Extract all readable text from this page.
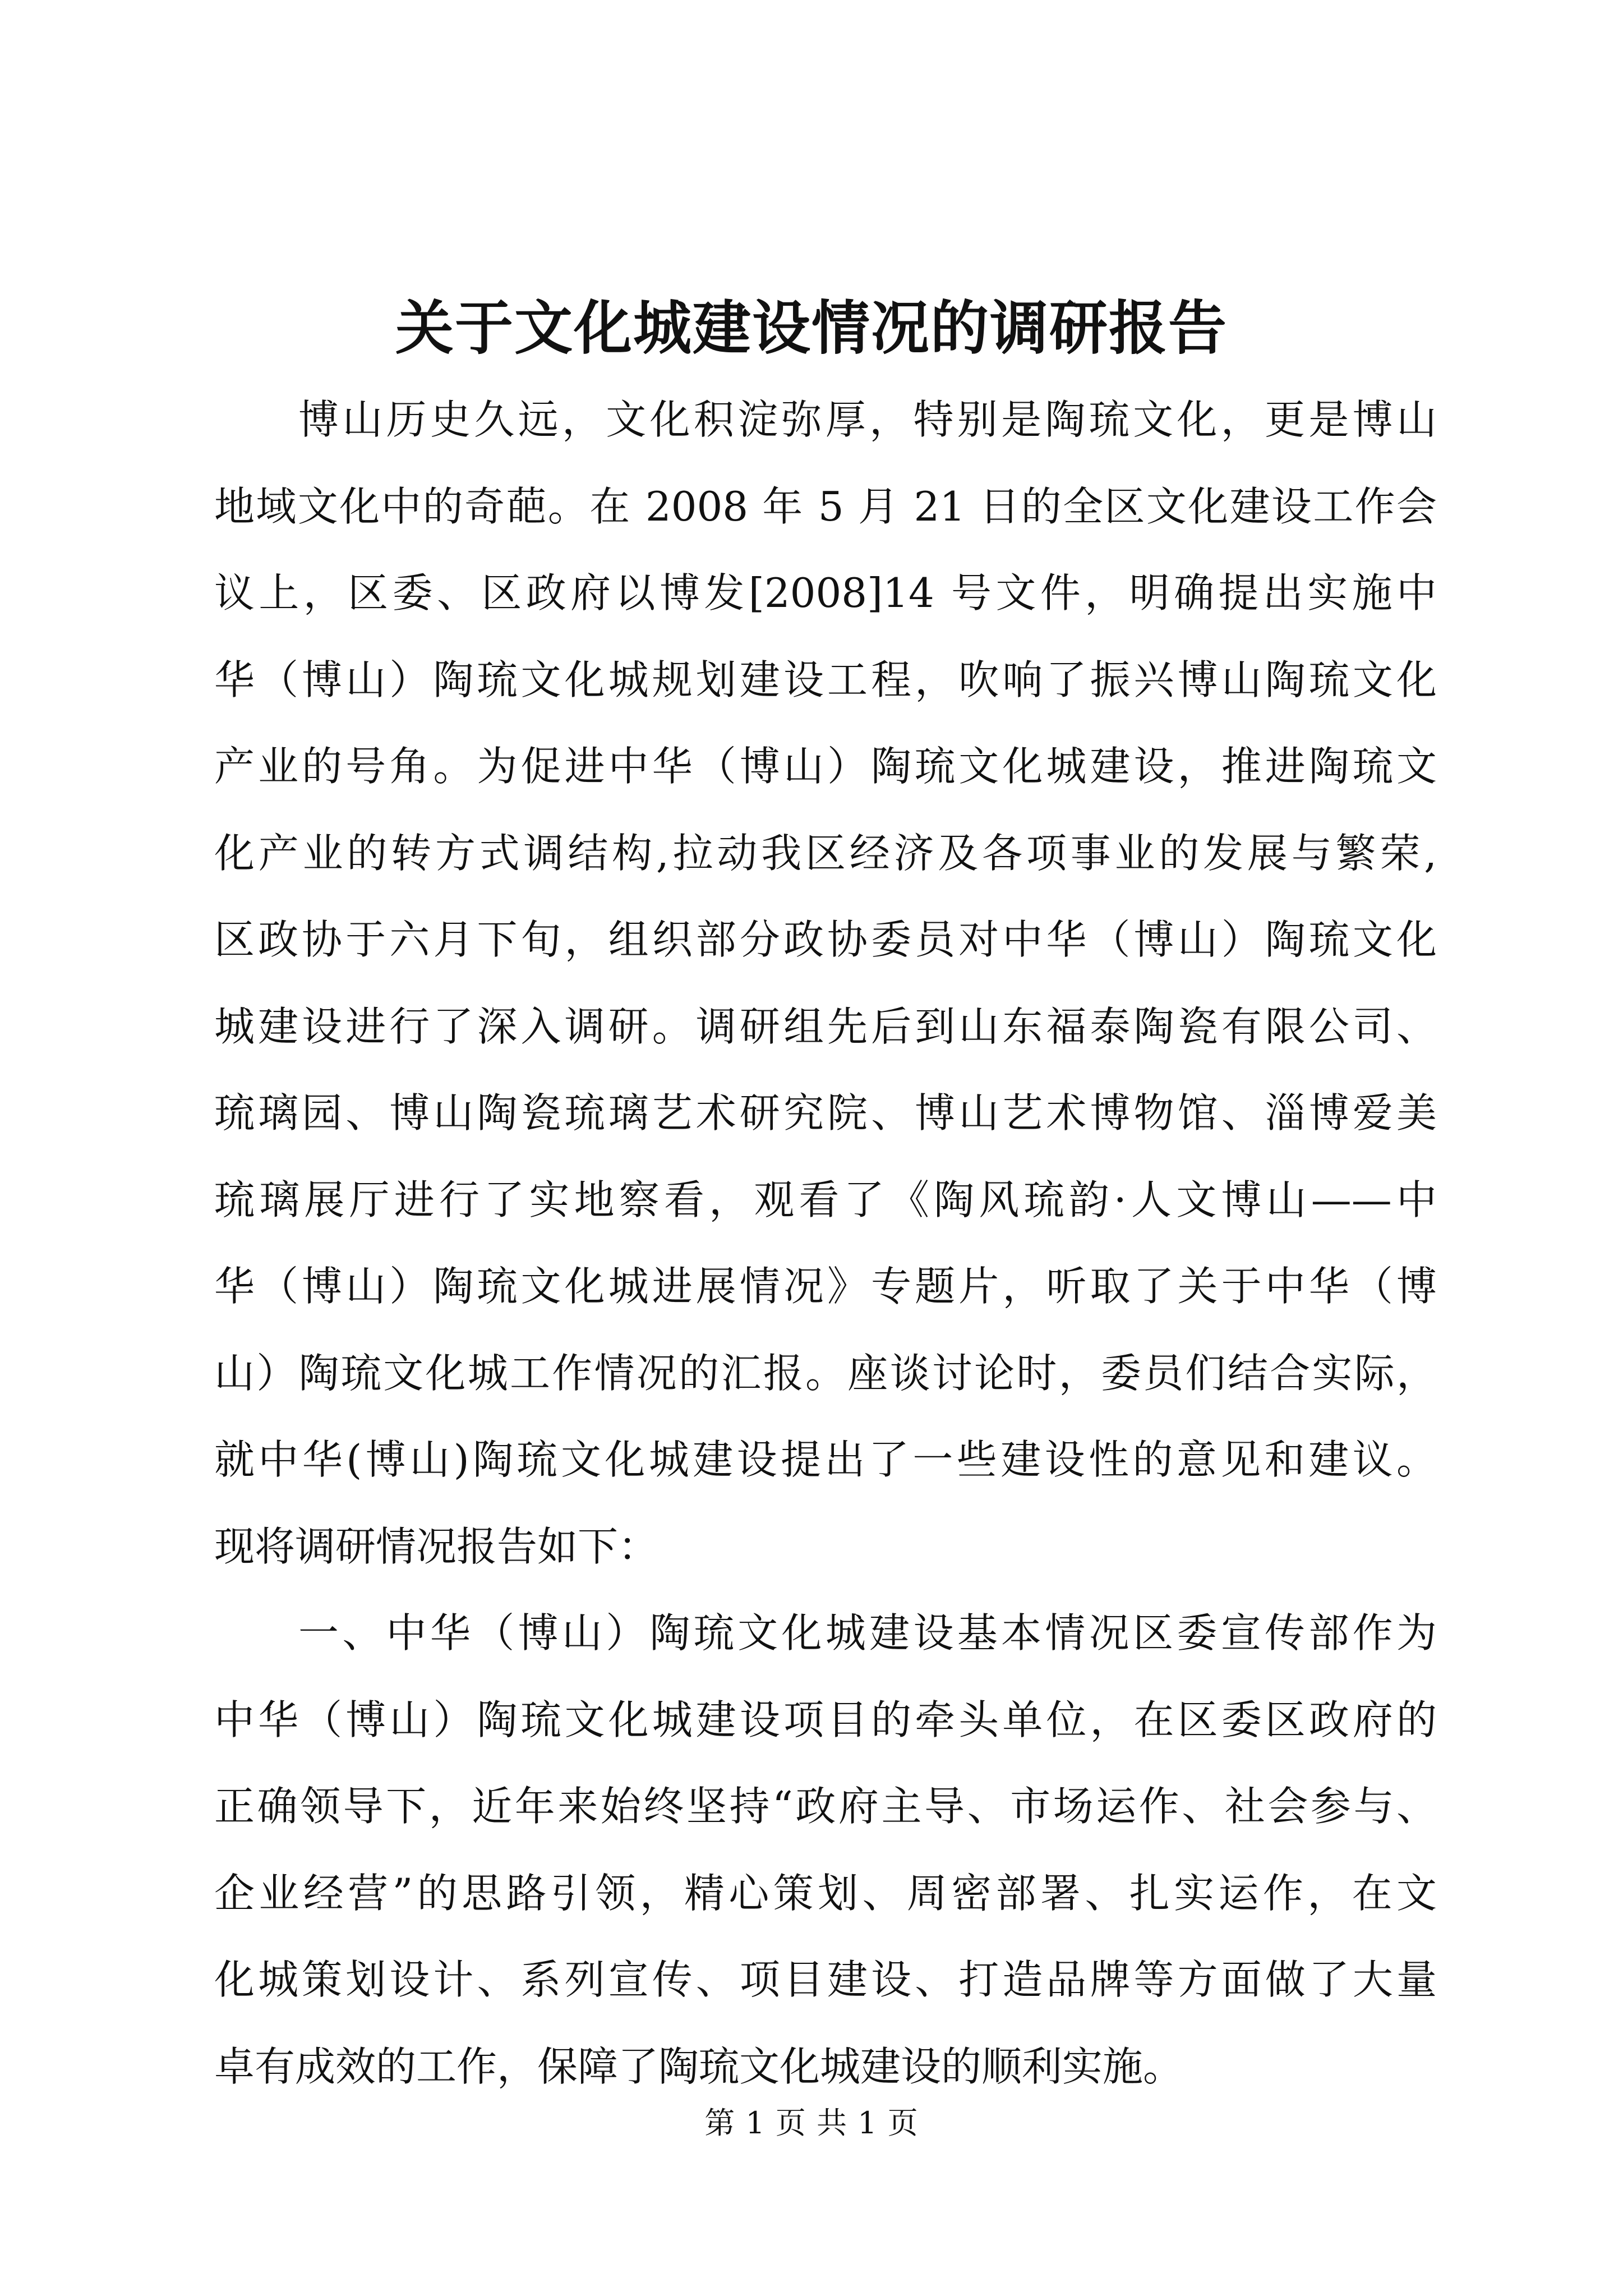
关于文化城建设情况的调研报告
博山历史久远，文化积淀弥厚，特别是陶琉文化，更是博山
地域文化中的奇葩。在 2008 年 5 月 21 日的全区文化建设工作会
议上，区委、区政府以博发[2008]14 号文件，明确提出实施中
华（博山）陶琉文化城规划建设工程，吹响了振兴博山陶琉文化
产业的号角。为促进中华（博山）陶琉文化城建设，推进陶琉文
化产业的转方式调结构,拉动我区经济及各项事业的发展与繁荣,
区政协于六月下旬，组织部分政协委员对中华（博山）陶琉文化
城建设进行了深入调研。调研组先后到山东福泰陶瓷有限公司、
琉璃园、博山陶瓷琉璃艺术研究院、博山艺术博物馆、淄博爱美
琉璃展厅进行了实地察看，观看了《陶风琉韵·人文博山——中
华（博山）陶琉文化城进展情况》专题片，听取了关于中华（博
山）陶琉文化城工作情况的汇报。座谈讨论时，委员们结合实际，
就中华(博山)陶琉文化城建设提出了一些建设性的意见和建议。
现将调研情况报告如下：
一、中华（博山）陶琉文化城建设基本情况区委宣传部作为
中华（博山）陶琉文化城建设项目的牵头单位，在区委区政府的
正确领导下，近年来始终坚持“政府主导、市场运作、社会参与、
企业经营”的思路引领，精心策划、周密部署、扎实运作，在文
化城策划设计、系列宣传、项目建设、打造品牌等方面做了大量
卓有成效的工作，保障了陶琉文化城建设的顺利实施。
第 1 页 共 1 页
